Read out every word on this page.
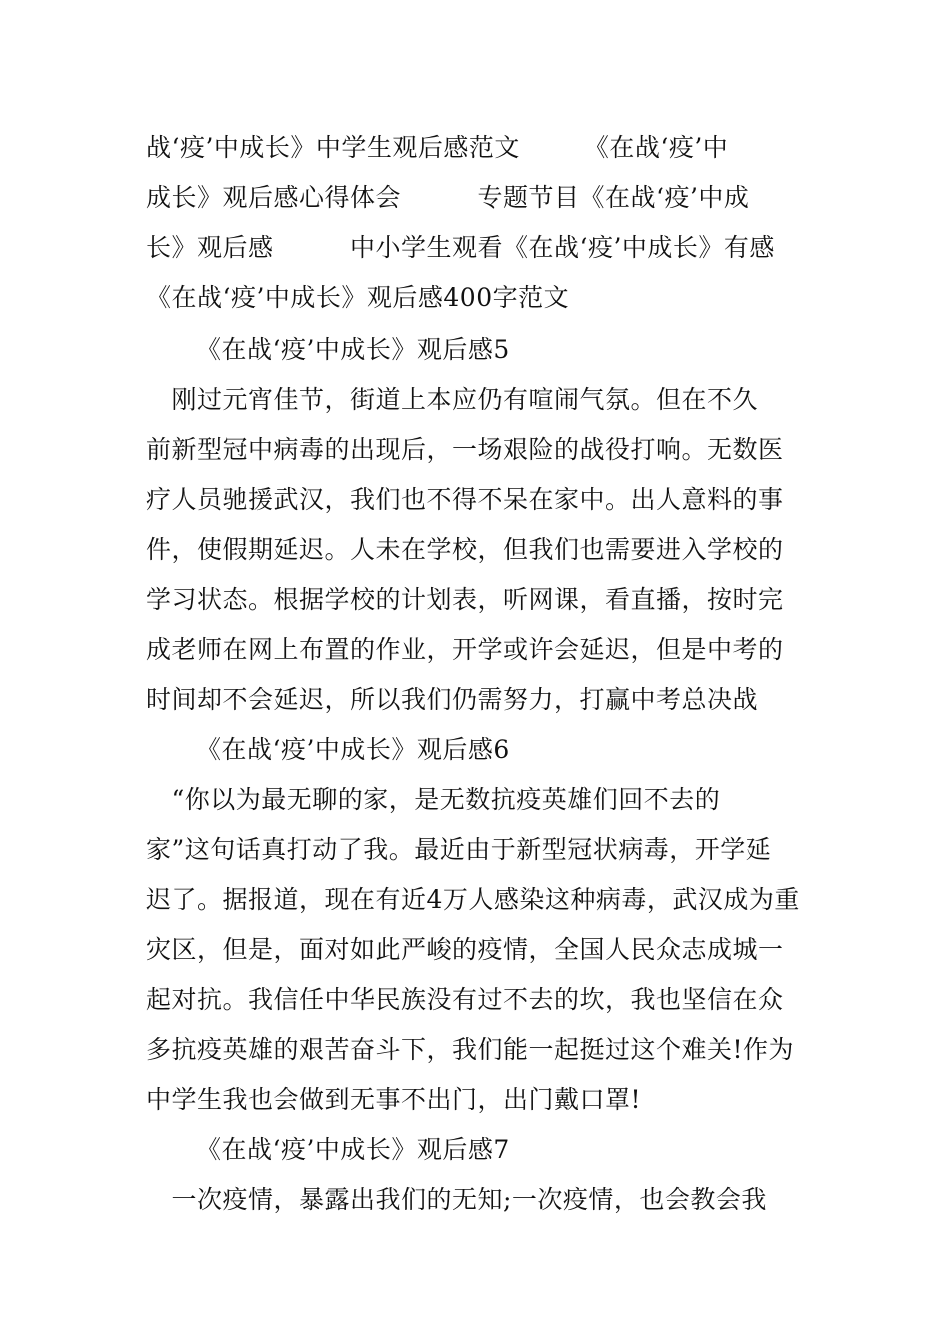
战‘疫’中成长》中学生观后感范文　　　《在战‘疫’中
成长》观后感心得体会　　　专题节目《在战‘疫’中成
长》观后感　　　中小学生观看《在战‘疫’中成长》有感
《在战‘疫’中成长》观后感400字范文
《在战‘疫’中成长》观后感5
　刚过元宵佳节，街道上本应仍有喧闹气氛。但在不久
前新型冠中病毒的出现后，一场艰险的战役打响。无数医
疗人员驰援武汉，我们也不得不呆在家中。出人意料的事
件，使假期延迟。人未在学校，但我们也需要进入学校的
学习状态。根据学校的计划表，听网课，看直播，按时完
成老师在网上布置的作业，开学或许会延迟，但是中考的
时间却不会延迟，所以我们仍需努力，打赢中考总决战
《在战‘疫’中成长》观后感6
　“你以为最无聊的家，是无数抗疫英雄们回不去的
家”这句话真打动了我。最近由于新型冠状病毒，开学延
迟了。据报道，现在有近4万人感染这种病毒，武汉成为重
灾区，但是，面对如此严峻的疫情，全国人民众志成城一
起对抗。我信任中华民族没有过不去的坎，我也坚信在众
多抗疫英雄的艰苦奋斗下，我们能一起挺过这个难关!作为
中学生我也会做到无事不出门，出门戴口罩!
《在战‘疫’中成长》观后感7
　一次疫情，暴露出我们的无知;一次疫情，也会教会我
